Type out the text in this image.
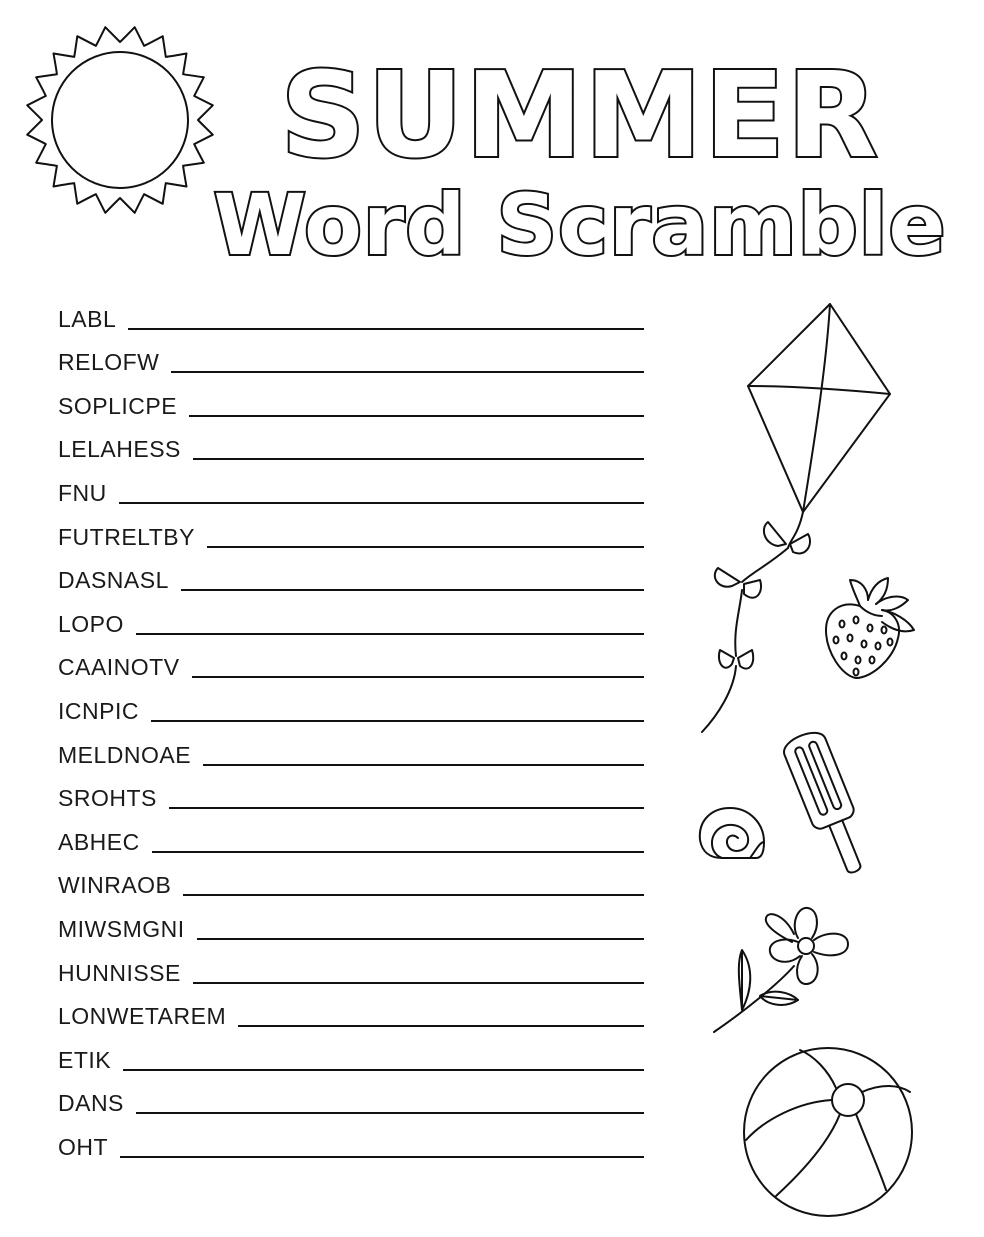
SUMMER
Word Scramble
LABL
RELOFW
SOPLICPE
LELAHESS
FNU
FUTRELTBY
DASNASL
LOPO
CAAINOTV
ICNPIC
MELDNOAE
SROHTS
ABHEC
WINRAOB
MIWSMGNI
HUNNISSE
LONWETAREM
ETIK
DANS
OHT
